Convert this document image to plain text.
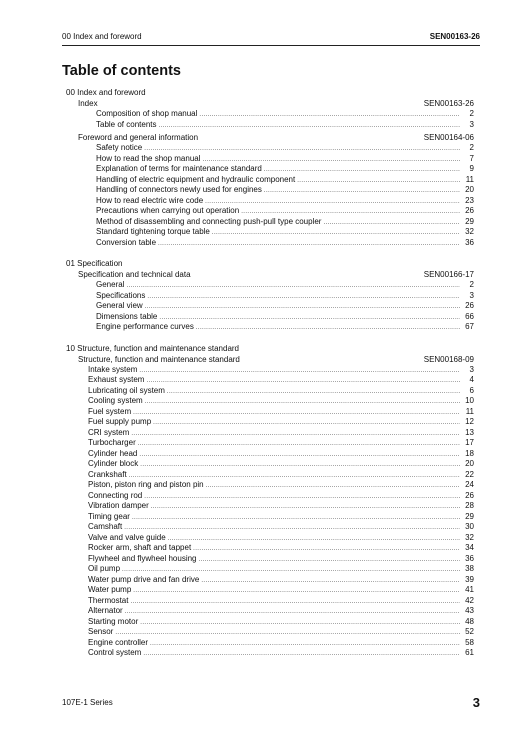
00 Index and foreword	SEN00163-26
Table of contents
00 Index and foreword
Index	SEN00163-26
Composition of shop manual .....	2
Table of contents .....	3
Foreword and general information	SEN00164-06
Safety notice .....	2
How to read the shop manual .....	7
Explanation of terms for maintenance standard .....	9
Handling of electric equipment and hydraulic component .....	11
Handling of connectors newly used for engines .....	20
How to read electric wire code .....	23
Precautions when carrying out operation .....	26
Method of disassembling and connecting push-pull type coupler .....	29
Standard tightening torque table .....	32
Conversion table .....	36
01 Specification
Specification and technical data	SEN00166-17
General .....	2
Specifications .....	3
General view .....	26
Dimensions table .....	66
Engine performance curves .....	67
10 Structure, function and maintenance standard
Structure, function and maintenance standard	SEN00168-09
Intake system .....	3
Exhaust system .....	4
Lubricating oil system .....	6
Cooling system .....	10
Fuel system .....	11
Fuel supply pump .....	12
CRI system .....	13
Turbocharger .....	17
Cylinder head .....	18
Cylinder block .....	20
Crankshaft .....	22
Piston, piston ring and piston pin .....	24
Connecting rod .....	26
Vibration damper .....	28
Timing gear .....	29
Camshaft .....	30
Valve and valve guide .....	32
Rocker arm, shaft and tappet .....	34
Flywheel and flywheel housing .....	36
Oil pump .....	38
Water pump drive and fan drive .....	39
Water pump .....	41
Thermostat .....	42
Alternator .....	43
Starting motor .....	48
Sensor .....	52
Engine controller .....	58
Control system .....	61
107E-1 Series	3
